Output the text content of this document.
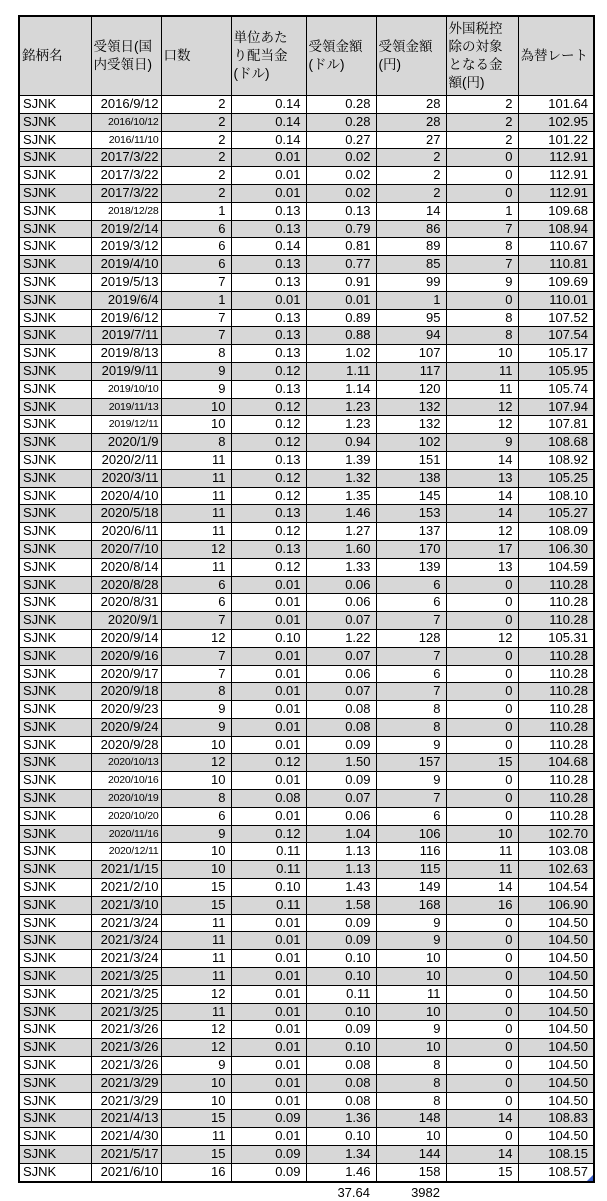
銘柄名	受領日(国内受領日)	口数	単位あたり配当金(ドル)	受領金額(ドル)	受領金額(円)	外国税控除の対象となる金額(円)	為替レート
SJNK	2016/9/12	2	0.14	0.28	28	2	101.64
SJNK	2016/10/12	2	0.14	0.28	28	2	102.95
SJNK	2016/11/10	2	0.14	0.27	27	2	101.22
SJNK	2017/3/22	2	0.01	0.02	2	0	112.91
SJNK	2017/3/22	2	0.01	0.02	2	0	112.91
SJNK	2017/3/22	2	0.01	0.02	2	0	112.91
SJNK	2018/12/28	1	0.13	0.13	14	1	109.68
SJNK	2019/2/14	6	0.13	0.79	86	7	108.94
SJNK	2019/3/12	6	0.14	0.81	89	8	110.67
SJNK	2019/4/10	6	0.13	0.77	85	7	110.81
SJNK	2019/5/13	7	0.13	0.91	99	9	109.69
SJNK	2019/6/4	1	0.01	0.01	1	0	110.01
SJNK	2019/6/12	7	0.13	0.89	95	8	107.52
SJNK	2019/7/11	7	0.13	0.88	94	8	107.54
SJNK	2019/8/13	8	0.13	1.02	107	10	105.17
SJNK	2019/9/11	9	0.12	1.11	117	11	105.95
SJNK	2019/10/10	9	0.13	1.14	120	11	105.74
SJNK	2019/11/13	10	0.12	1.23	132	12	107.94
SJNK	2019/12/11	10	0.12	1.23	132	12	107.81
SJNK	2020/1/9	8	0.12	0.94	102	9	108.68
SJNK	2020/2/11	11	0.13	1.39	151	14	108.92
SJNK	2020/3/11	11	0.12	1.32	138	13	105.25
SJNK	2020/4/10	11	0.12	1.35	145	14	108.10
SJNK	2020/5/18	11	0.13	1.46	153	14	105.27
SJNK	2020/6/11	11	0.12	1.27	137	12	108.09
SJNK	2020/7/10	12	0.13	1.60	170	17	106.30
SJNK	2020/8/14	11	0.12	1.33	139	13	104.59
SJNK	2020/8/28	6	0.01	0.06	6	0	110.28
SJNK	2020/8/31	6	0.01	0.06	6	0	110.28
SJNK	2020/9/1	7	0.01	0.07	7	0	110.28
SJNK	2020/9/14	12	0.10	1.22	128	12	105.31
SJNK	2020/9/16	7	0.01	0.07	7	0	110.28
SJNK	2020/9/17	7	0.01	0.06	6	0	110.28
SJNK	2020/9/18	8	0.01	0.07	7	0	110.28
SJNK	2020/9/23	9	0.01	0.08	8	0	110.28
SJNK	2020/9/24	9	0.01	0.08	8	0	110.28
SJNK	2020/9/28	10	0.01	0.09	9	0	110.28
SJNK	2020/10/13	12	0.12	1.50	157	15	104.68
SJNK	2020/10/16	10	0.01	0.09	9	0	110.28
SJNK	2020/10/19	8	0.08	0.07	7	0	110.28
SJNK	2020/10/20	6	0.01	0.06	6	0	110.28
SJNK	2020/11/16	9	0.12	1.04	106	10	102.70
SJNK	2020/12/11	10	0.11	1.13	116	11	103.08
SJNK	2021/1/15	10	0.11	1.13	115	11	102.63
SJNK	2021/2/10	15	0.10	1.43	149	14	104.54
SJNK	2021/3/10	15	0.11	1.58	168	16	106.90
SJNK	2021/3/24	11	0.01	0.09	9	0	104.50
SJNK	2021/3/24	11	0.01	0.09	9	0	104.50
SJNK	2021/3/24	11	0.01	0.10	10	0	104.50
SJNK	2021/3/25	11	0.01	0.10	10	0	104.50
SJNK	2021/3/25	12	0.01	0.11	11	0	104.50
SJNK	2021/3/25	11	0.01	0.10	10	0	104.50
SJNK	2021/3/26	12	0.01	0.09	9	0	104.50
SJNK	2021/3/26	12	0.01	0.10	10	0	104.50
SJNK	2021/3/26	9	0.01	0.08	8	0	104.50
SJNK	2021/3/29	10	0.01	0.08	8	0	104.50
SJNK	2021/3/29	10	0.01	0.08	8	0	104.50
SJNK	2021/4/13	15	0.09	1.36	148	14	108.83
SJNK	2021/4/30	11	0.01	0.10	10	0	104.50
SJNK	2021/5/17	15	0.09	1.34	144	14	108.15
SJNK	2021/6/10	16	0.09	1.46	158	15	108.57
				37.64	3982		
